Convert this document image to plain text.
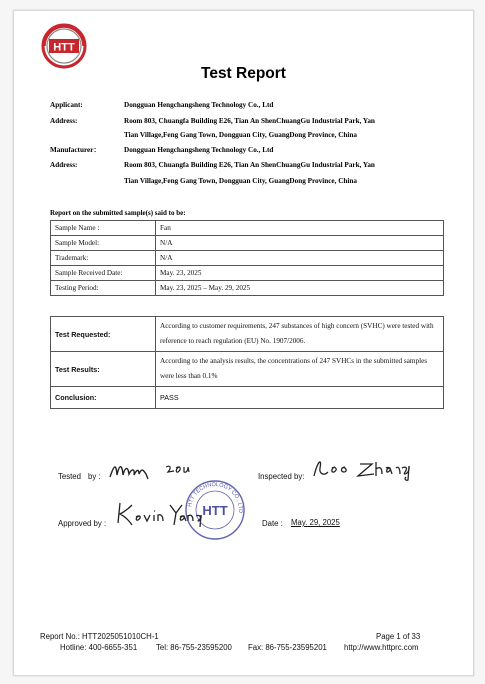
HTT
Test Report
Applicant:	Dongguan Hengchangsheng Technology Co., Ltd
Address:	Room 803, Chuangfa Building E26, Tian An ShenChuangGu Industrial Park, Yan
Tian Village,Feng Gang Town, Dongguan City, GuangDong Province, China
Manufacturer：	Dongguan Hengchangsheng Technology Co., Ltd
Address:	Room 803, Chuangfa Building E26, Tian An ShenChuangGu Industrial Park, Yan
Tian Village,Feng Gang Town, Dongguan City, GuangDong Province, China
Report on the submitted sample(s) said to be:
Sample Name :	Fan
Sample Model:	N/A
Trademark:	N/A
Sample Received Date:	May. 23, 2025
Testing Period:	May. 23, 2025 – May. 29, 2025
Test Requested:	According to customer requirements, 247 substances of high concern (SVHC) were tested with reference to reach regulation (EU) No. 1907/2006.
Test Results:	According to the analysis results, the concentrations of 247 SVHCs in the submitted samples were less than 0.1%
Conclusion:	PASS
Tested by :	Inspected by:
Approved by :
HTT TECHNOLOGY CO., LTD
HTT
Date : May. 29, 2025
Report No.: HTT2025051010CH-1	Page 1 of 33
Hotline: 400-6655-351 Tel: 86-755-23595200 Fax: 86-755-23595201 http://www.httprc.com
